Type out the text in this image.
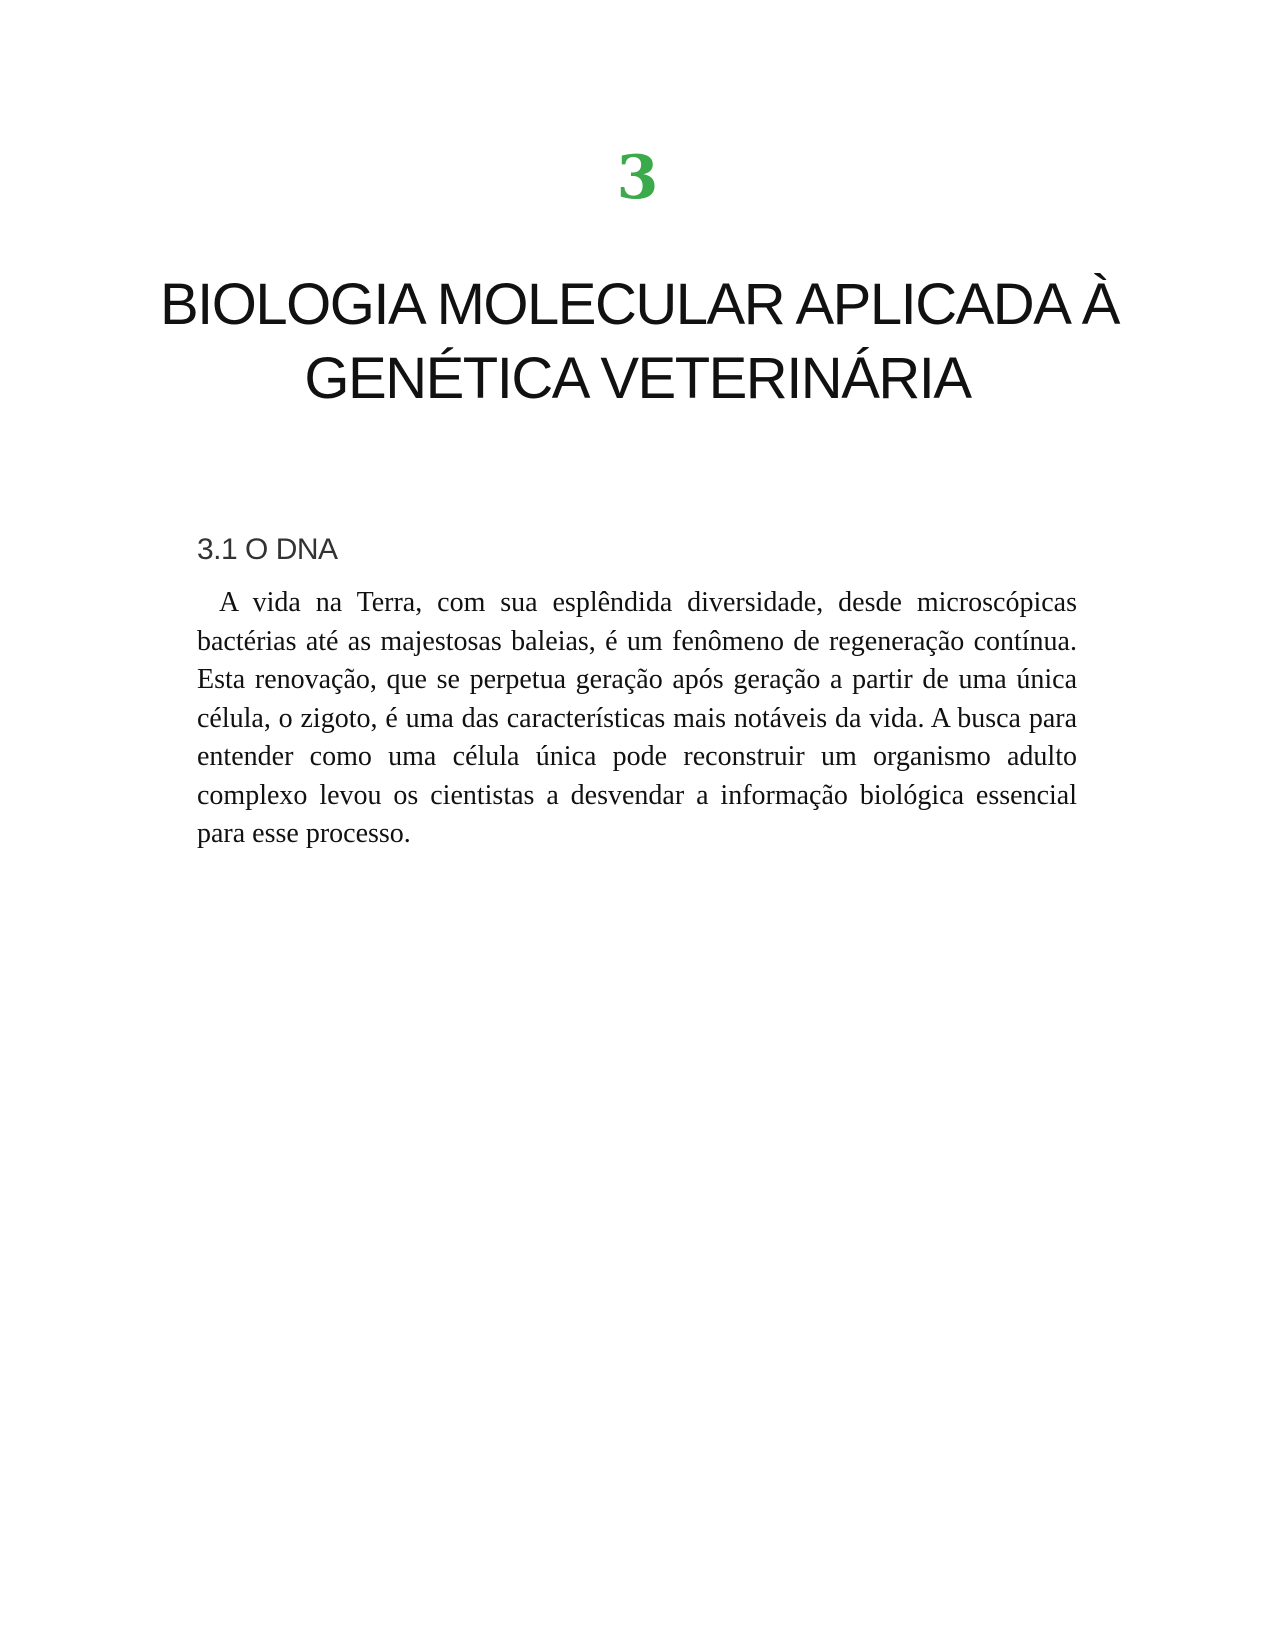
3
BIOLOGIA MOLECULAR APLICADA À
GENÉTICA VETERINÁRIA
3.1 O DNA

A vida na Terra, com sua esplêndida diversidade, desde microscópicas bactérias até as majestosas baleias, é um fenômeno de regeneração contínua. Esta renovação, que se perpetua geração após geração a partir de uma única célula, o zigoto, é uma das características mais notáveis da vida. A busca para entender como uma célula única pode reconstruir um organismo adulto complexo levou os cientistas a desvendar a informação biológica essencial para esse processo.
